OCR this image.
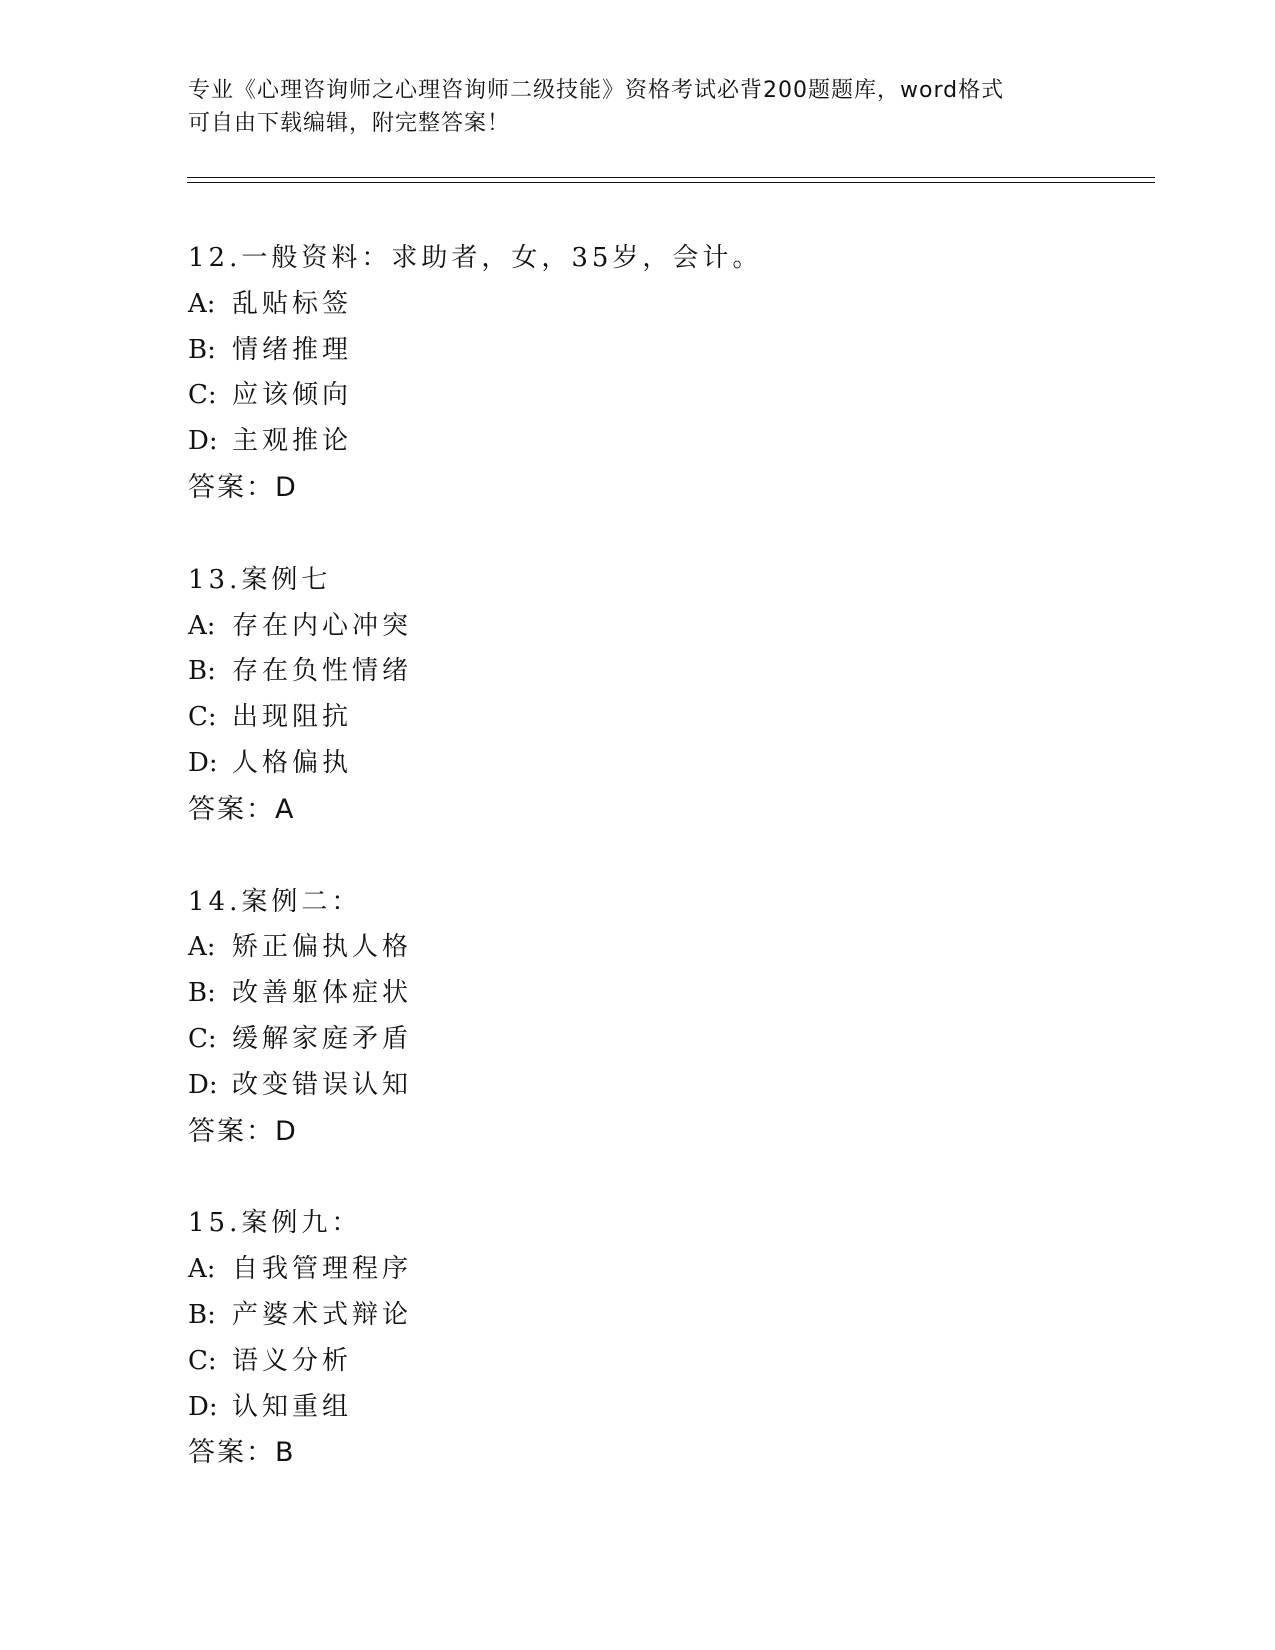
专业《心理咨询师之心理咨询师二级技能》资格考试必背200题题库，word格式
可自由下载编辑，附完整答案！
12.一般资料：求助者，女，35岁，会计。
A: 乱贴标签
B: 情绪推理
C: 应该倾向
D: 主观推论
答案：D
13.案例七
A: 存在内心冲突
B: 存在负性情绪
C: 出现阻抗
D: 人格偏执
答案：A
14.案例二：
A: 矫正偏执人格
B: 改善躯体症状
C: 缓解家庭矛盾
D: 改变错误认知
答案：D
15.案例九：
A: 自我管理程序
B: 产婆术式辩论
C: 语义分析
D: 认知重组
答案：B
